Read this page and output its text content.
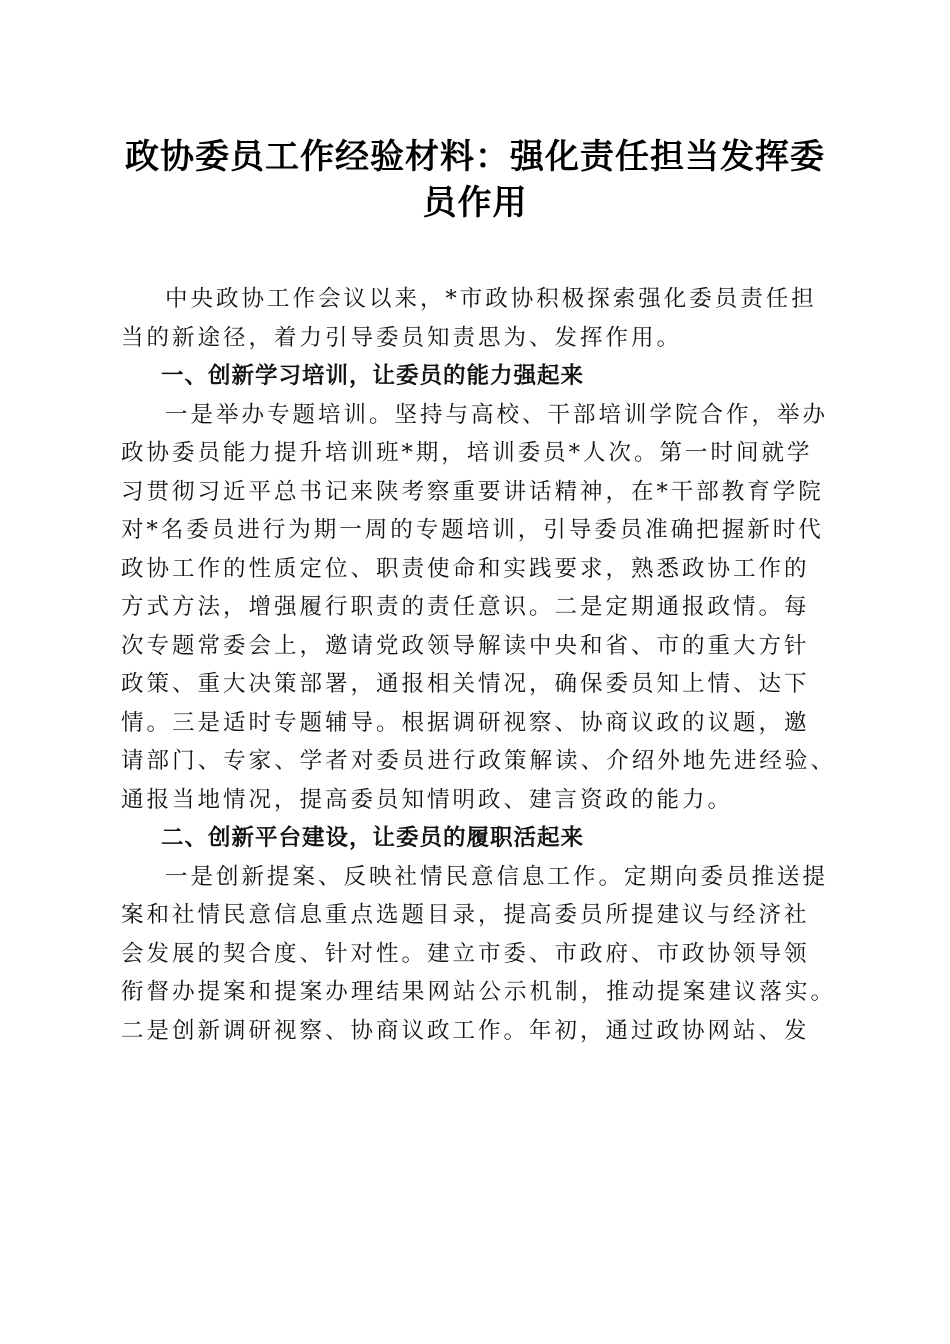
政协委员工作经验材料：强化责任担当发挥委
员作用
中央政协工作会议以来，*市政协积极探索强化委员责任担
当的新途径，着力引导委员知责思为、发挥作用。
一、创新学习培训，让委员的能力强起来
一是举办专题培训。坚持与高校、干部培训学院合作，举办
政协委员能力提升培训班*期，培训委员*人次。第一时间就学
习贯彻习近平总书记来陕考察重要讲话精神，在*干部教育学院
对*名委员进行为期一周的专题培训，引导委员准确把握新时代
政协工作的性质定位、职责使命和实践要求，熟悉政协工作的
方式方法，增强履行职责的责任意识。二是定期通报政情。每
次专题常委会上，邀请党政领导解读中央和省、市的重大方针
政策、重大决策部署，通报相关情况，确保委员知上情、达下
情。三是适时专题辅导。根据调研视察、协商议政的议题，邀
请部门、专家、学者对委员进行政策解读、介绍外地先进经验、
通报当地情况，提高委员知情明政、建言资政的能力。
二、创新平台建设，让委员的履职活起来
一是创新提案、反映社情民意信息工作。定期向委员推送提
案和社情民意信息重点选题目录，提高委员所提建议与经济社
会发展的契合度、针对性。建立市委、市政府、市政协领导领
衔督办提案和提案办理结果网站公示机制，推动提案建议落实。
二是创新调研视察、协商议政工作。年初，通过政协网站、发
